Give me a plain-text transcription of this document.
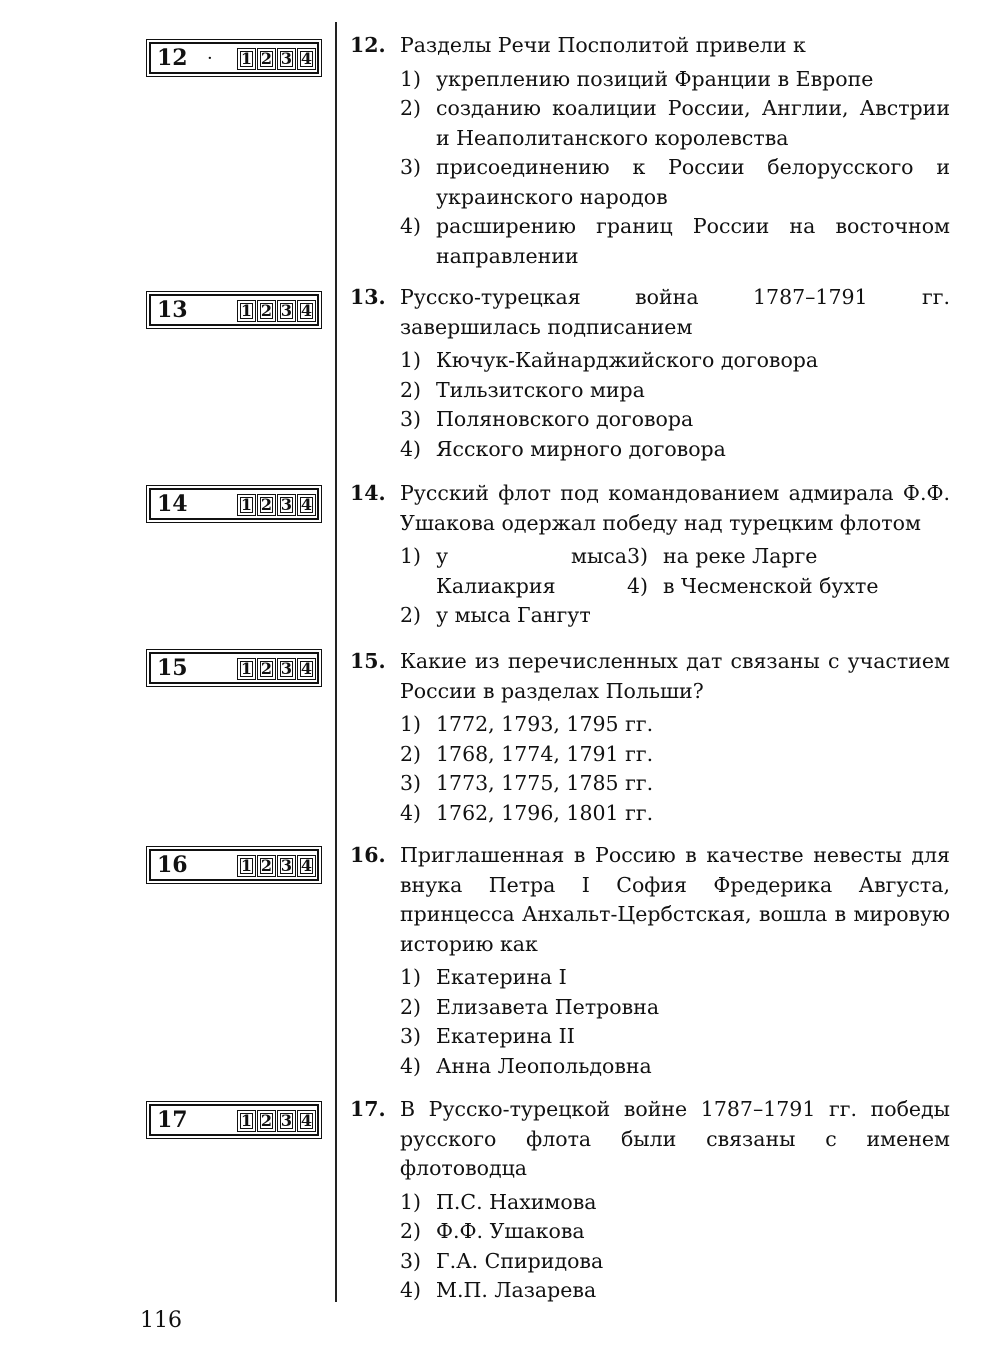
12 · 1 2 3 4
13	1 2 3 4
14	1 2 3 4
15	1 2 3 4
16	1 2 3 4
17	1 2 3 4
12. Разделы Речи Посполитой привели к
1) укреплению позиций Франции в Европе
2) созданию коалиции России, Англии, Австрии и Неаполитанского королевства
3) присоединению к России белорусского и украинского народов
4) расширению границ России на восточном направлении
13. Русско-турецкая война 1787–1791 гг. завершилась подписанием
1) Кючук-Кайнарджийского договора
2) Тильзитского мира
3) Поляновского договора
4) Ясского мирного договора
14. Русский флот под командованием адмирала Ф.Ф. Ушакова одержал победу над турецким флотом
1) у мыса Калиакрия
2) у мыса Гангут
3) на реке Ларге
4) в Чесменской бухте
15. Какие из перечисленных дат связаны с участием России в разделах Польши?
1) 1772, 1793, 1795 гг.
2) 1768, 1774, 1791 гг.
3) 1773, 1775, 1785 гг.
4) 1762, 1796, 1801 гг.
16. Приглашенная в Россию в качестве невесты для внука Петра I София Фредерика Августа, принцесса Анхальт-Цербстская, вошла в мировую историю как
1) Екатерина I
2) Елизавета Петровна
3) Екатерина II
4) Анна Леопольдовна
17. В Русско-турецкой войне 1787–1791 гг. победы русского флота были связаны с именем флотоводца
1) П.С. Нахимова
2) Ф.Ф. Ушакова
3) Г.А. Спиридова
4) М.П. Лазарева
116
